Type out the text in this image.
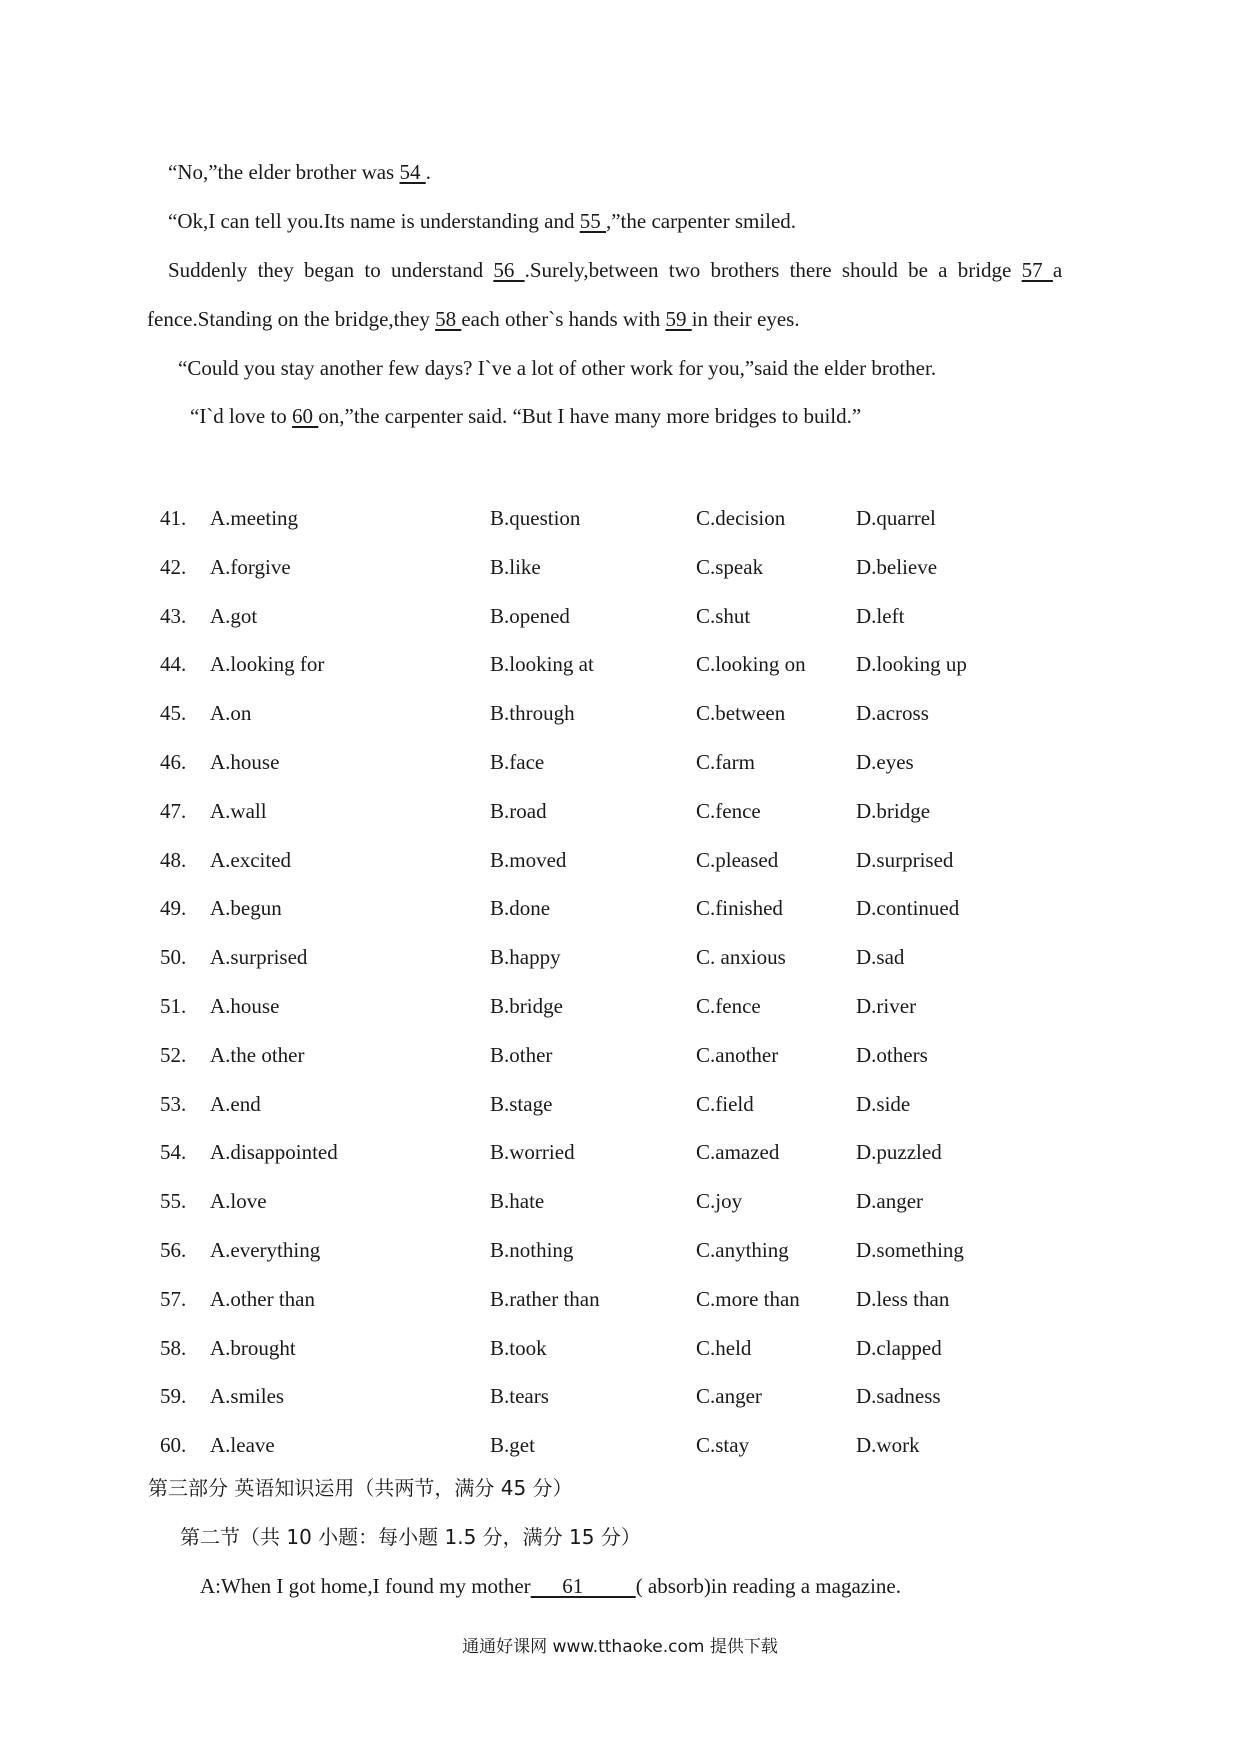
“No,”the elder brother was 54 .
“Ok,I can tell you.Its name is understanding and 55 ,”the carpenter smiled.
Suddenly they began to understand 56 .Surely,between two brothers there should be a bridge 57 a
fence.Standing on the bridge,they 58 each other`s hands with 59 in their eyes.
“Could you stay another few days? I`ve a lot of other work for you,”said the elder brother.
“I`d love to 60 on,”the carpenter said. “But I have many more bridges to build.”
41. A.meeting	B.question	C.decision	D.quarrel
42. A.forgive	B.like	C.speak	D.believe
43. A.got	B.opened	C.shut	D.left
44. A.looking for	B.looking at	C.looking on D.looking up
45. A.on	B.through	C.between	D.across
46. A.house	B.face	C.farm	D.eyes
47. A.wall	B.road	C.fence	D.bridge
48. A.excited	B.moved	C.pleased	D.surprised
49. A.begun	B.done	C.finished	D.continued
50. A.surprised	B.happy	C. anxious	D.sad
51. A.house	B.bridge	C.fence	D.river
52. A.the other	B.other	C.another	D.others
53. A.end	B.stage	C.field	D.side
54. A.disappointed	B.worried	C.amazed	D.puzzled
55. A.love	B.hate	C.joy	D.anger
56. A.everything	B.nothing	C.anything	D.something
57. A.other than	B.rather than	C.more than	D.less than
58. A.brought	B.took	C.held	D.clapped
59. A.smiles	B.tears	C.anger	D.sadness
60. A.leave	B.get	C.stay	D.work
第三部分 英语知识运用（共两节，满分 45 分）
第二节（共 10 小题：每小题 1.5 分，满分 15 分）
A:When I got home,I found my mother      61          ( absorb)in reading a magazine.
通通好课网 www.tthaoke.com 提供下载
